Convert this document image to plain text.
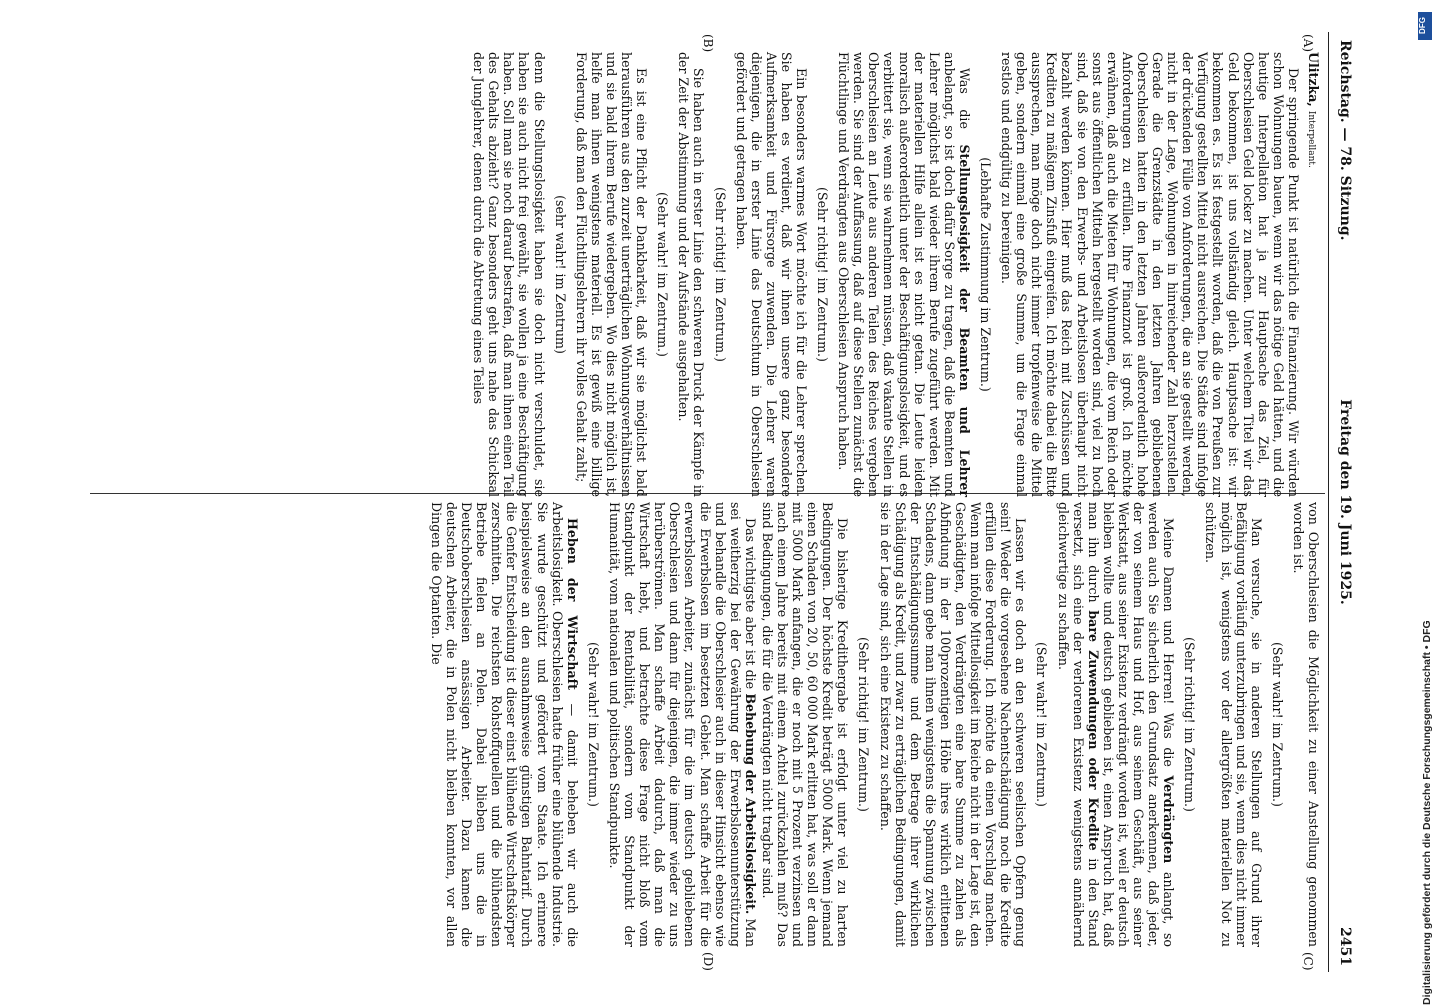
Reichstag. — 78. Sitzung.
Freitag den 19. Juni 1925.
2451
(A)
(B)
(C)
(D)

Ulitzka, Interpellant.

Der springende Punkt ist natürlich die Finanzierung. Wir würden schon Wohnungen bauen, wenn wir das nötige Geld hätten, und die heutige Interpellation hat ja zur Hauptsache das Ziel, für Oberschlesien Geld locker zu machen. Unter welchem Titel wir das Geld bekommen, ist uns vollständig gleich. Hauptsache ist: wir bekommen es. Es ist festgestellt worden, daß die von Preußen zur Verfügung gestellten Mittel nicht ausreichen. Die Städte sind infolge der drückenden Fülle von Anforderungen, die an sie gestellt werden, nicht in der Lage, Wohnungen in hinreichender Zahl herzustellen. Gerade die Grenzstädte in den letzten Jahren gebliebenen Oberschlesien hatten in den letzten Jahren außerordentlich hohe Anforderungen zu erfüllen. Ihre Finanznot ist groß. Ich möchte erwähnen, daß auch die Mieten für Wohnungen, die vom Reich oder sonst aus öffentlichen Mitteln hergestellt worden sind, viel zu hoch sind, daß sie von den Erwerbs- und Arbeitslosen überhaupt nicht bezahlt werden können. Hier muß das Reich mit Zuschüssen und Krediten zu mäßigem Zinsfuß eingreifen. Ich möchte dabei die Bitte aussprechen, man möge doch nicht immer tropfenweise die Mittel geben, sondern einmal eine große Summe, um die Frage einmal restlos und endgültig zu bereinigen.

(Lebhafte Zustimmung im Zentrum.)

Was die Stellungslosigkeit der Beamten und Lehrer anbelangt, so ist doch dafür Sorge zu tragen, daß die Beamten und Lehrer möglichst bald wieder ihrem Berufe zugeführt werden. Mit der materiellen Hilfe allein ist es nicht getan. Die Leute leiden moralisch außerordentlich unter der Beschäftigungslosigkeit, und es verbittert sie, wenn sie wahrnehmen müssen, daß vakante Stellen in Oberschlesien an Leute aus anderen Teilen des Reiches vergeben werden. Sie sind der Auffassung, daß auf diese Stellen zunächst die Flüchtlinge und Verdrängten aus Oberschlesien Anspruch haben.

(Sehr richtig! im Zentrum.)

Ein besonders warmes Wort möchte ich für die Lehrer sprechen. Sie haben es verdient, daß wir ihnen unsere ganz besondere Aufmerksamkeit und Fürsorge zuwenden. Die Lehrer waren diejenigen, die in erster Linie das Deutschtum in Oberschlesien gefördert und getragen haben.

(Sehr richtig! im Zentrum.)

Sie haben auch in erster Linie den schweren Druck der Kämpfe in der Zeit der Abstimmung und der Aufstände ausgehalten.

(Sehr wahr! im Zentrum.)

Es ist eine Pflicht der Dankbarkeit, daß wir sie möglichst bald herausführen aus den zurzeit unerträglichen Wohnungsverhältnissen und sie bald ihrem Berufe wiedergeben. Wo dies nicht möglich ist, helfe man ihnen wenigstens materiell. Es ist gewiß eine billige Forderung, daß man den Flüchtlingslehrern ihr volles Gehalt zahlt;

(sehr wahr! im Zentrum)

denn die Stellungslosigkeit haben sie doch nicht verschuldet, sie haben sie auch nicht frei gewählt, sie wollen ja eine Beschäftigung haben. Soll man sie noch darauf bestrafen, daß man ihnen einen Teil des Gehalts abzieht? Ganz besonders geht uns nahe das Schicksal der Junglehrer, denen durch die Abtretung eines Teiles

von Oberschlesien die Möglichkeit zu einer Anstellung genommen worden ist.

(Sehr wahr! im Zentrum.)

Man versuche, sie in anderen Stellungen auf Grund ihrer Befähigung vorläufig unterzubringen und sie, wenn dies nicht immer möglich ist, wenigstens vor der allergrößten materiellen Not zu schützen.

(Sehr richtig! im Zentrum.)

Meine Damen und Herren! Was die Verdrängten anlangt, so werden auch Sie sicherlich den Grundsatz anerkennen, daß jeder, der von seinem Haus und Hof, aus seinem Geschäft, aus seiner Werkstatt, aus seiner Existenz verdrängt worden ist, weil er deutsch bleiben wollte und deutsch geblieben ist, einen Anspruch hat, daß man ihn durch bare Zuwendungen oder Kredite in den Stand versetzt, sich eine der verlorenen Existenz wenigstens annähernd gleichwertige zu schaffen.

(Sehr wahr! im Zentrum.)

Lassen wir es doch an den schweren seelischen Opfern genug sein! Weder die vorgesehene Nachentschädigung noch die Kredite erfüllen diese Forderung. Ich möchte da einen Vorschlag machen. Wenn man infolge Mittellosigkeit im Reiche nicht in der Lage ist, den Geschädigten, den Verdrängten eine bare Summe zu zahlen als Abfindung in der 100prozentigen Höhe ihres wirklich erlittenen Schadens, dann gebe man ihnen wenigstens die Spannung zwischen der Entschädigungssumme und dem Betrage ihrer wirklichen Schädigung als Kredit, und zwar zu erträglichen Bedingungen, damit sie in der Lage sind, sich eine Existenz zu schaffen.

(Sehr richtig! im Zentrum.)

Die bisherige Kredithergabe ist erfolgt unter viel zu harten Bedingungen. Der höchste Kredit beträgt 5000 Mark. Wenn jemand einen Schaden von 20, 50, 60 000 Mark erlitten hat, was soll er dann mit 5000 Mark anfangen, die er noch mit 5 Prozent verzinsen und nach einem Jahre bereits mit einem Achtel zurückzahlen muß? Das sind Bedingungen, die für die Verdrängten nicht tragbar sind.

Das wichtigste aber ist die Behebung der Arbeitslosigkeit. Man sei weitherzig bei der Gewährung der Erwerbslosenunterstützung und behandle die Oberschlesier auch in dieser Hinsicht ebenso wie die Erwerbslosen im besetzten Gebiet. Man schaffe Arbeit für die erwerbslosen Arbeiter, zunächst für die im deutsch gebliebenen Oberschlesien und dann für diejenigen, die immer wieder zu uns herüberströmen. Man schaffe Arbeit dadurch, daß man die Wirtschaft hebt, und betrachte diese Frage nicht bloß vom Standpunkt der Rentabilität, sondern vom Standpunkt der Humanität, vom nationalen und politischen Standpunkte.

(Sehr wahr! im Zentrum.)

Heben der Wirtschaft — damit beheben wir auch die Arbeitslosigkeit. Oberschlesien hatte früher eine blühende Industrie. Sie wurde geschützt und gefördert vom Staate. Ich erinnere beispielsweise an den ausnahmsweise günstigen Bahntarif. Durch die Genfer Entscheidung ist dieser einst blühende Wirtschaftskörper zerschnitten. Die reichsten Rohstoffquellen und die blühendsten Betriebe fielen an Polen. Dabei blieben uns die in Deutschoberschlesien ansässigen Arbeiter. Dazu kamen die deutschen Arbeiter, die in Polen nicht bleiben konnten, vor allen Dingen die Optanten. Die

DFG
Digitalisierung gefördert durch die Deutsche Forschungsgemeinschaft • DFG
